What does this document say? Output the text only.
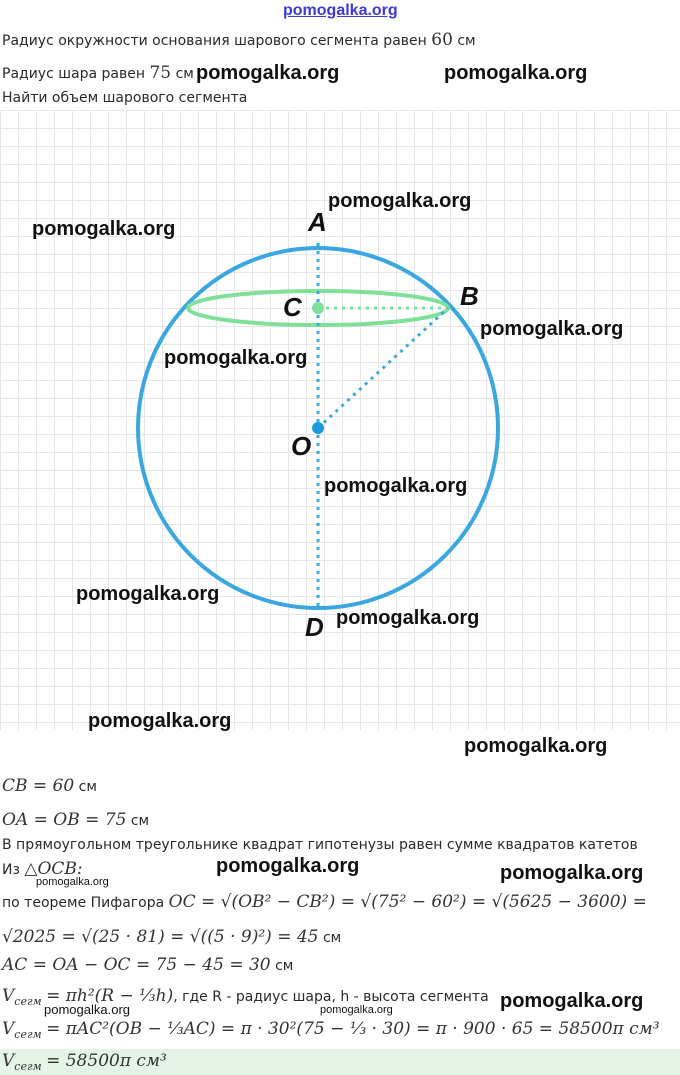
pomogalka.org
Радиус окружности основания шарового сегмента равен 60 см
Радиус шара равен 75 см
Найти объем шарового сегмента
A
B
C
O
D
CB = 60 см
OA = OB = 75 см
В прямоугольном треугольнике квадрат гипотенузы равен сумме квадратов катетов
Из △OCB:
по теореме Пифагора OC = √(OB² − CB²) = √(75² − 60²) = √(5625 − 3600) =
√2025 = √(25 · 81) = √((5 · 9)²) = 45 см
AC = OA − OC = 75 − 45 = 30 см
$V_{сегм} = \pi h^2(R$ − ⅓h), где R - радиус шара, h - высота сегмента
$V_{сегм} = \pi AC^2(OB$ − ⅓AC) = π · 30²(75 − ⅓ · 30) = π · 900 · 65 = 58500π см³
$V_{сегм} = 58500\pi$ см³
pomogalka.org	pomogalka.org
pomogalka.org
pomogalka.org
pomogalka.org
pomogalka.org
pomogalka.org
pomogalka.org
pomogalka.org
pomogalka.org
pomogalka.org
pomogalka.org	pomogalka.org
pomogalka.org
pomogalka.org
pomogalka.org	pomogalka.org
